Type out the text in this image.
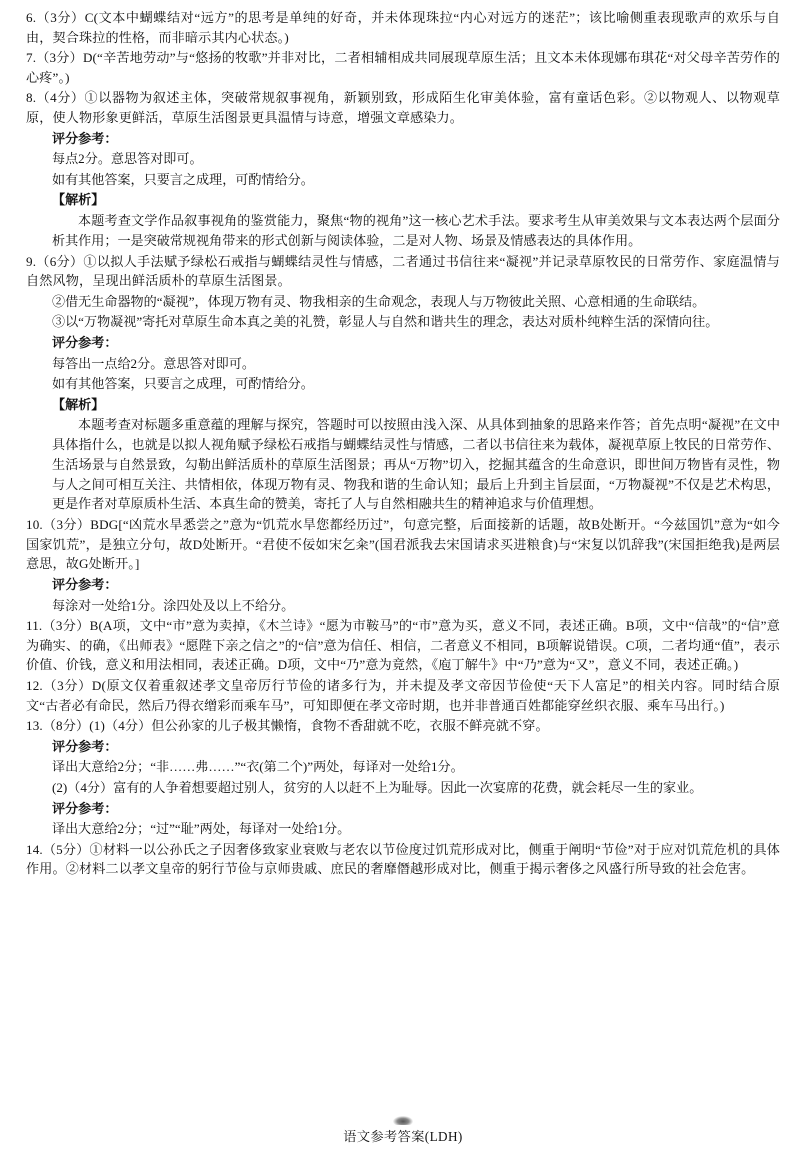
6.（3分）C(文本中蝴蝶结对“远方”的思考是单纯的好奇，并未体现珠拉“内心对远方的迷茫”；该比喻侧重表现歌声的欢乐与自由，契合珠拉的性格，而非暗示其内心状态。)
7.（3分）D(“辛苦地劳动”与“悠扬的牧歌”并非对比，二者相辅相成共同展现草原生活；且文本未体现娜布琪花“对父母辛苦劳作的心疼”。)
8.（4分）①以器物为叙述主体，突破常规叙事视角，新颖别致，形成陌生化审美体验，富有童话色彩。②以物观人、以物观草原，使人物形象更鲜活，草原生活图景更具温情与诗意，增强文章感染力。
评分参考：
每点2分。意思答对即可。
如有其他答案，只要言之成理，可酌情给分。
【解析】
本题考查文学作品叙事视角的鉴赏能力，聚焦“物的视角”这一核心艺术手法。要求考生从审美效果与文本表达两个层面分析其作用；一是突破常规视角带来的形式创新与阅读体验，二是对人物、场景及情感表达的具体作用。
9.（6分）①以拟人手法赋予绿松石戒指与蝴蝶结灵性与情感，二者通过书信往来“凝视”并记录草原牧民的日常劳作、家庭温情与自然风物，呈现出鲜活质朴的草原生活图景。
②借无生命器物的“凝视”，体现万物有灵、物我相亲的生命观念，表现人与万物彼此关照、心意相通的生命联结。
③以“万物凝视”寄托对草原生命本真之美的礼赞，彰显人与自然和谐共生的理念，表达对质朴纯粹生活的深情向往。
评分参考：
每答出一点给2分。意思答对即可。
如有其他答案，只要言之成理，可酌情给分。
【解析】
本题考查对标题多重意蕴的理解与探究，答题时可以按照由浅入深、从具体到抽象的思路来作答；首先点明“凝视”在文中具体指什么，也就是以拟人视角赋予绿松石戒指与蝴蝶结灵性与情感，二者以书信往来为载体，凝视草原上牧民的日常劳作、生活场景与自然景致，勾勒出鲜活质朴的草原生活图景；再从“万物”切入，挖掘其蕴含的生命意识，即世间万物皆有灵性，物与人之间可相互关注、共情相依，体现万物有灵、物我和谐的生命认知；最后上升到主旨层面，“万物凝视”不仅是艺术构思，更是作者对草原质朴生活、本真生命的赞美，寄托了人与自然相融共生的精神追求与价值理想。
10.（3分）BDG[“凶荒水旱悉尝之”意为“饥荒水旱您都经历过”，句意完整，后面接新的话题，故B处断开。“今兹国饥”意为“如今国家饥荒”，是独立分句，故D处断开。“君使不佞如宋乞籴”(国君派我去宋国请求买进粮食)与“宋复以饥辞我”(宋国拒绝我)是两层意思，故G处断开。]
评分参考：
每涂对一处给1分。涂四处及以上不给分。
11.（3分）B(A项，文中“市”意为卖掉，《木兰诗》“愿为市鞍马”的“市”意为买，意义不同，表述正确。B项，文中“信哉”的“信”意为确实、的确，《出师表》“愿陛下亲之信之”的“信”意为信任、相信，二者意义不相同，B项解说错误。C项，二者均通“值”，表示价值、价钱，意义和用法相同，表述正确。D项，文中“乃”意为竟然，《庖丁解牛》中“乃”意为“又”，意义不同，表述正确。)
12.（3分）D(原文仅着重叙述孝文皇帝厉行节俭的诸多行为，并未提及孝文帝因节俭使“天下人富足”的相关内容。同时结合原文“古者必有命民，然后乃得衣缯彩而乘车马”，可知即便在孝文帝时期，也并非普通百姓都能穿丝织衣服、乘车马出行。)
13.（8分）(1)（4分）但公孙家的儿子极其懒惰，食物不香甜就不吃，衣服不鲜亮就不穿。
评分参考：
译出大意给2分；“非……弗……”“衣(第二个)”两处，每译对一处给1分。
(2)（4分）富有的人争着想要超过别人，贫穷的人以赶不上为耻辱。因此一次宴席的花费，就会耗尽一生的家业。
评分参考：
译出大意给2分；“过”“耻”两处，每译对一处给1分。
14.（5分）①材料一以公孙氏之子因奢侈致家业衰败与老农以节俭度过饥荒形成对比，侧重于阐明“节俭”对于应对饥荒危机的具体作用。②材料二以孝文皇帝的躬行节俭与京师贵戚、庶民的奢靡僭越形成对比，侧重于揭示奢侈之风盛行所导致的社会危害。
语文参考答案(LDH)
